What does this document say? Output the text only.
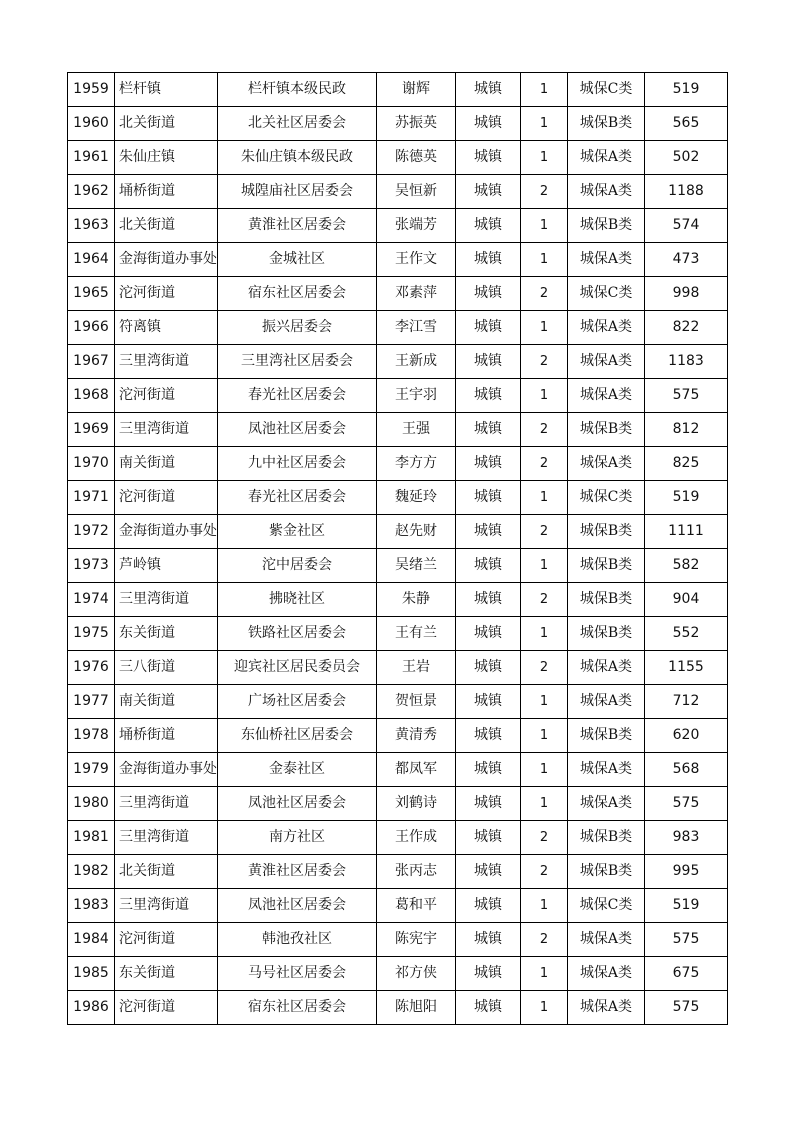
1959	栏杆镇	栏杆镇本级民政	谢辉	城镇	1	城保C类	519
1960	北关街道	北关社区居委会	苏振英	城镇	1	城保B类	565
1961	朱仙庄镇	朱仙庄镇本级民政	陈德英	城镇	1	城保A类	502
1962	埇桥街道	城隍庙社区居委会	吴恒新	城镇	2	城保A类	1188
1963	北关街道	黄淮社区居委会	张端芳	城镇	1	城保B类	574
1964	金海街道办事处	金城社区	王作文	城镇	1	城保A类	473
1965	沱河街道	宿东社区居委会	邓素萍	城镇	2	城保C类	998
1966	符离镇	振兴居委会	李江雪	城镇	1	城保A类	822
1967	三里湾街道	三里湾社区居委会	王新成	城镇	2	城保A类	1183
1968	沱河街道	春光社区居委会	王宇羽	城镇	1	城保A类	575
1969	三里湾街道	凤池社区居委会	王强	城镇	2	城保B类	812
1970	南关街道	九中社区居委会	李方方	城镇	2	城保A类	825
1971	沱河街道	春光社区居委会	魏延玲	城镇	1	城保C类	519
1972	金海街道办事处	紫金社区	赵先财	城镇	2	城保B类	1111
1973	芦岭镇	沱中居委会	吴绪兰	城镇	1	城保B类	582
1974	三里湾街道	拂晓社区	朱静	城镇	2	城保B类	904
1975	东关街道	铁路社区居委会	王有兰	城镇	1	城保B类	552
1976	三八街道	迎宾社区居民委员会	王岩	城镇	2	城保A类	1155
1977	南关街道	广场社区居委会	贺恒景	城镇	1	城保A类	712
1978	埇桥街道	东仙桥社区居委会	黄清秀	城镇	1	城保B类	620
1979	金海街道办事处	金泰社区	都凤军	城镇	1	城保A类	568
1980	三里湾街道	凤池社区居委会	刘鹤诗	城镇	1	城保A类	575
1981	三里湾街道	南方社区	王作成	城镇	2	城保B类	983
1982	北关街道	黄淮社区居委会	张丙志	城镇	2	城保B类	995
1983	三里湾街道	凤池社区居委会	葛和平	城镇	1	城保C类	519
1984	沱河街道	韩池孜社区	陈宪宇	城镇	2	城保A类	575
1985	东关街道	马号社区居委会	祁方侠	城镇	1	城保A类	675
1986	沱河街道	宿东社区居委会	陈旭阳	城镇	1	城保A类	575
